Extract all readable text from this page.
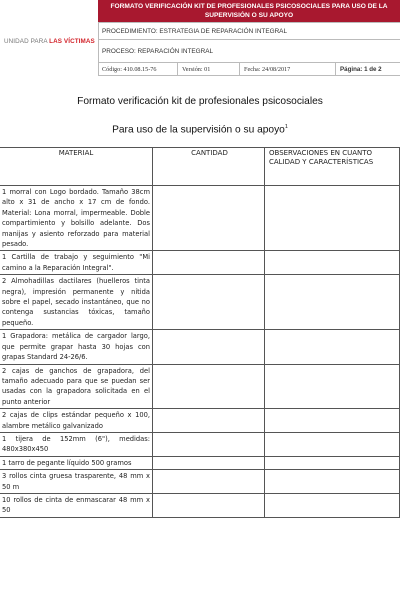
UNIDAD PARA LAS VÍCTIMAS
FORMATO VERIFICACIÓN KIT DE PROFESIONALES PSICOSOCIALES PARA USO DE LA
SUPERVISIÓN O SU APOYO
PROCEDIMIENTO: ESTRATEGIA DE REPARACIÓN INTEGRAL
PROCESO: REPARACIÓN INTEGRAL
Código: 410.08.15-76	Versión: 01	Fecha: 24/08/2017	Página: 1 de 2
Formato verificación kit de profesionales psicosociales
Para uso de la supervisión o su apoyo$^1$
MATERIAL	CANTIDAD	OBSERVACIONES EN CUANTO CALIDAD Y CARACTERÍSTICAS
1 morral con Logo bordado. Tamaño 38cm alto x 31 de ancho x 17 cm de fondo. Material: Lona morral, impermeable. Doble compartimiento y bolsillo adelante. Dos manijas y asiento reforzado para material pesado.		
1 Cartilla de trabajo y seguimiento "Mi camino a la Reparación Integral".		
2 Almohadillas dactilares (huelleros tinta negra), impresión permanente y nítida sobre el papel, secado instantáneo, que no contenga sustancias tóxicas, tamaño pequeño.		
1 Grapadora: metálica de cargador largo, que permite grapar hasta 30 hojas con grapas Standard 24-26/6.		
2 cajas de ganchos de grapadora, del tamaño adecuado para que se puedan ser usadas con la grapadora solicitada en el punto anterior		
2 cajas de clips estándar pequeño x 100, alambre metálico galvanizado		
1 tijera de 152mm (6"), medidas: 480x380x450		
1 tarro de pegante líquido 500 gramos		
3 rollos cinta gruesa trasparente, 48 mm x 50 m		
10 rollos de cinta de enmascarar 48 mm x 50		
